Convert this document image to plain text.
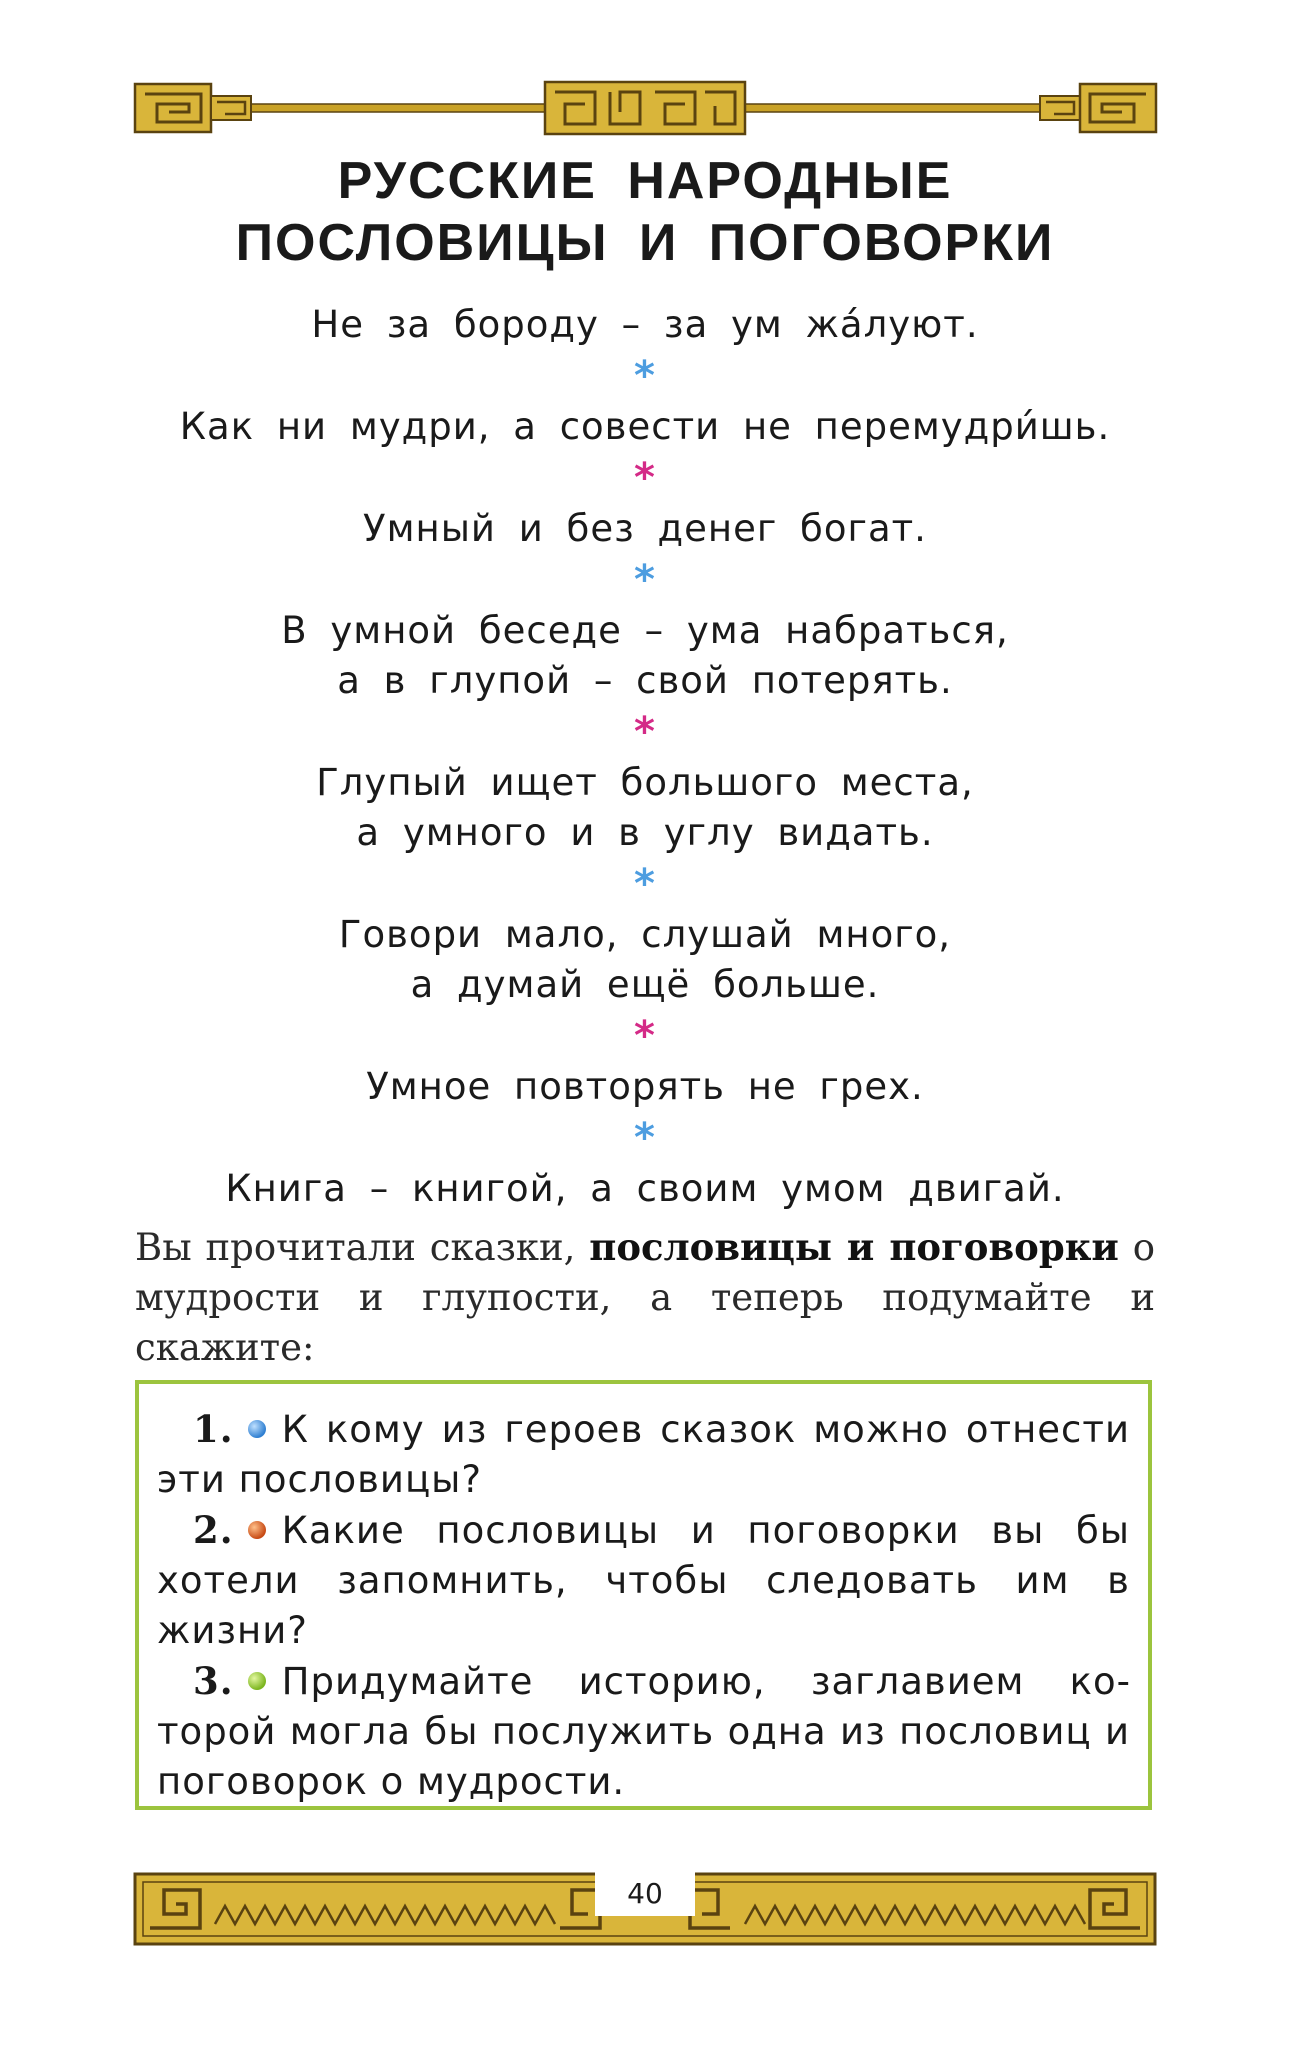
РУССКИЕ НАРОДНЫЕ
ПОСЛОВИЦЫ И ПОГОВОРКИ

Не за бороду – за ум жа́луют.

*

Как ни мудри, а совести не перемудри́шь.

*

Умный и без денег богат.

*

В умной беседе – ума набраться,

а в глупой – свой потерять.

*

Глупый ищет большого места,

а умного и в углу видать.

*

Говори мало, слушай много,

а думай ещё больше.

*

Умное повторять не грех.

*

Книга – книгой, а своим умом двигай.

Вы прочитали сказки, пословицы и поговорки о мудрости и глупости, а теперь подумайте и скажите:

1. К кому из героев сказок можно отнести эти пословицы?

2. Какие пословицы и поговорки вы бы хотели запомнить, чтобы следовать им в жизни?

3. Придумайте историю, заглавием которой могла бы послужить одна из пословиц и поговорок о мудрости.

40
